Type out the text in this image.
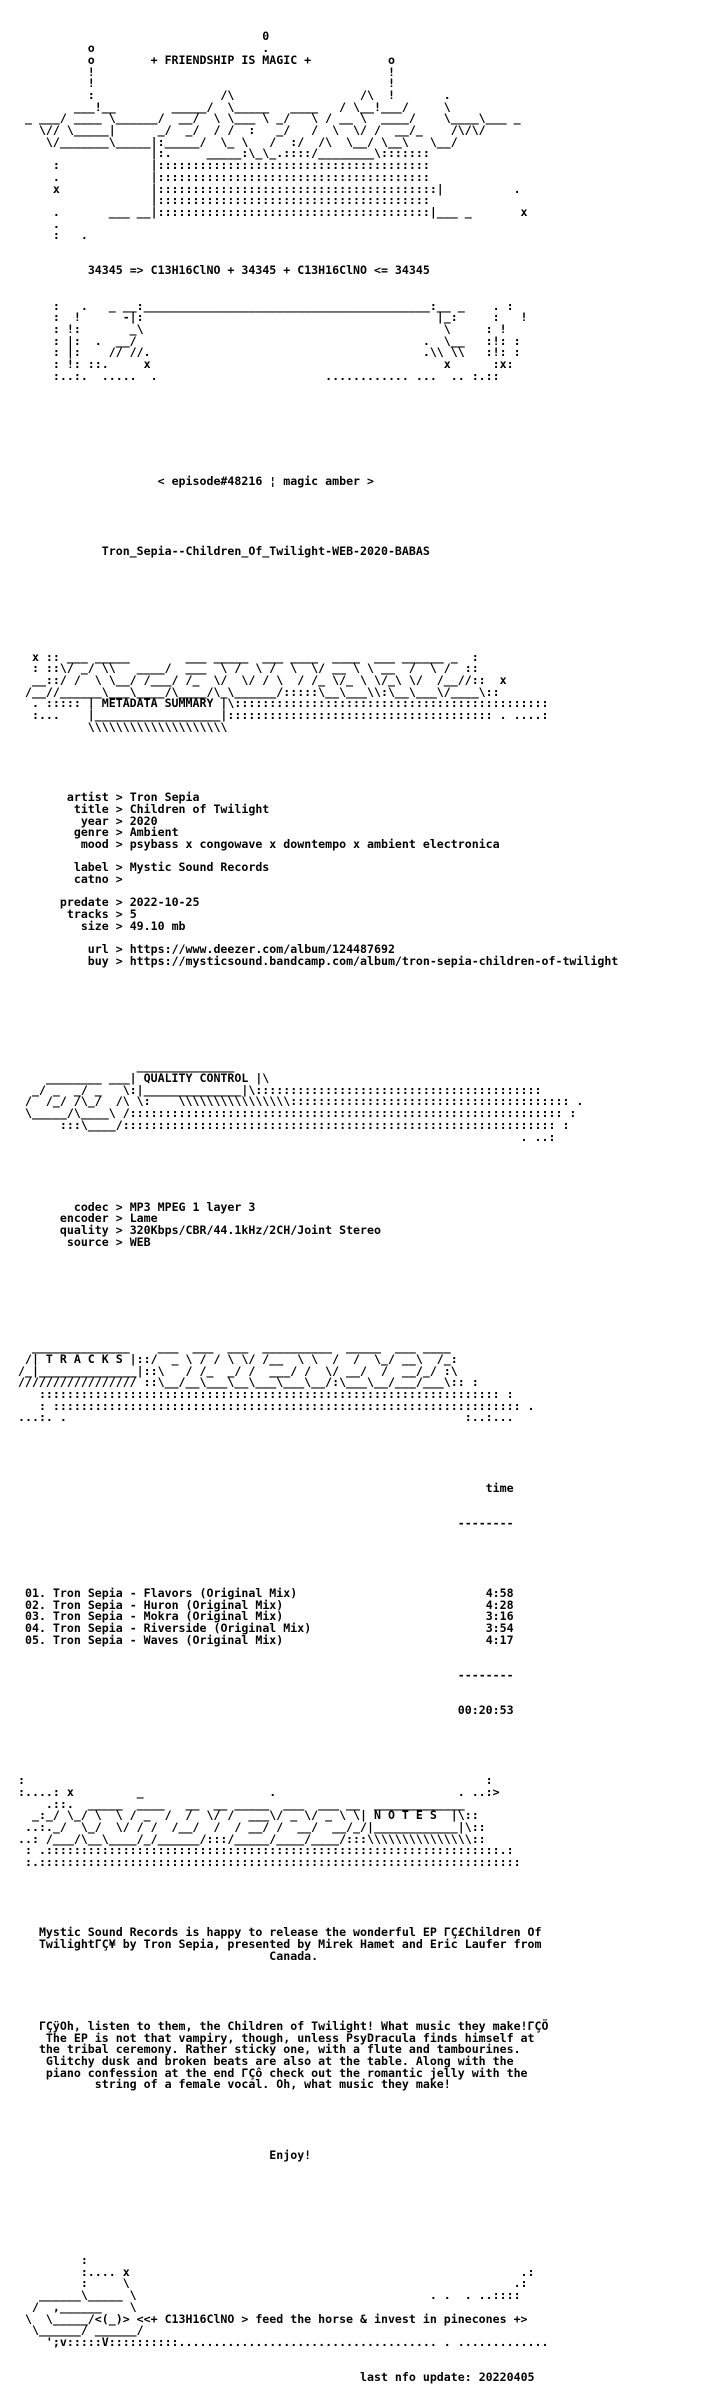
0
o                        .
o        + FRIENDSHIP IS MAGIC +           o
!                                          !
!                                          !
:                  /\                  /\  !       .
___!__        _____/  \_____   ____   / \__!___/     \
_ ___/ ____ \______/  __/  \ \___ \ _/   \ / __ \  ____/    \____\___ _
\// \_____|      _/  _/  / /  :   _/   /  \  \/ /  __/_    /\/\/
\/_______\_____|:_____/  \_ \   /  :/  /\  \__/ \__\   \__/
|:.     _____:\_\_.::::/________\:::::::
:             |:::::::::::::::::::::::::::::::::::::::
.             |:::::::::::::::::::::::::::::::::::::::
x             |::::::::::::::::::::::::::::::::::::::::|          .
|:::::::::::::::::::::::::::::::::::::::
.       ___ __|:::::::::::::::::::::::::::::::::::::::|___ _       x
.
:   .

34345 => C13H16ClNO + 34345 + C13H16ClNO <= 34345

:   .   _ __:_________________________________________:__ _    . :
:  !      -|:                                          |_:     :   !
: !:       _\                                           \     : !
: |:  .  __/                                         .  \__   :!: :
: |:    // //.                                       .\\ \\   :!: :
: !: ::.     x                                          x      :x:
:..:.  .....  .                        ............ ...  .. :.::

< episode#48216 ¦ magic amber >

Tron_Sepia--Children_Of_Twilight-WEB-2020-BABAS

x :: ___ _____        ___ _____  ___ ____  ____  ___ ______ _  :
: ::\/ _/ \\   ____/  ___  \ /  \ /  \  \/ __ \ \ __  /  \ /  ::
__::/ /  \ \__/ /___/ /_  \/  \/ / \  / /_ \/_ \ \/_\ \/  /__//::  x
/__//______\___\____/\____/\_\______/:::::\__\___\\:\__\___\/____\::
. ::::: | METADATA SUMMARY |\:::::::::::::::::::::::::::::::::::::::::::::
:...    |__________________|:::::::::::::::::::::::::::::::::::::: . ....:
\\\\\\\\\\\\\\\\\\\\

artist > Tron Sepia
title > Children of Twilight
year > 2020
genre > Ambient
mood > psybass x congowave x downtempo x ambient electronica

label > Mystic Sound Records
catno >

predate > 2022-10-25
tracks > 5
size > 49.10 mb

url > https://www.deezer.com/album/124487692
buy > https://mysticsound.bandcamp.com/album/tron-sepia-children-of-twilight

______________
________ ___| QUALITY CONTROL |\
_/ _  _/ _   \:|______________|\:::::::::::::::::::::::::::::::::::::::::
/  /_/ /\_/  /\ \:    \\\\\\\\\\\\\\\\:::::::::::::::::::::::::::::::::::::::: .
\_____/\____\ /:::::::::::::::::::::::::::::::::::::::::::::::::::::::::::::: :
:::\____/:::::::::::::::::::::::::::::::::::::::::::::::::::::::::::::: :
. ..:

codec > MP3 MPEG 1 layer 3
encoder > Lame
quality > 320Kbps/CBR/44.1kHz/2CH/Joint Stereo
source > WEB

______________    ___  ___  ___  __________  _____  ___ ____
/| T R A C K S |::/  _ \ / / \ \/ /__  \ \  /  /  \_/ __\  /_:
/_|______________|::\   / /_  _/ /  ___/ /  \/ __/  /  __/_/ :\
///////////////// ::\__/__\___\__\___\___\__/:\___\__/___/___\:: :
:::::::::::::::::::::::::::::::::::::::::::::::::::::::::::::::::: :
: ::::::::::::::::::::::::::::::::::::::::::::::::::::::::::::::::::: .
...:. .                                                         :..:...

time

--------

01. Tron Sepia - Flavors (Original Mix)	4:58
02. Tron Sepia - Huron (Original Mix)	4:28
03. Tron Sepia - Mokra (Original Mix)	3:16
04. Tron Sepia - Riverside (Original Mix)	3:54
05. Tron Sepia - Waves (Original Mix)	4:17

--------

00:20:53

:                                                                  :
:....: x         _                  .                          . ..:>
.::.  _____  ____   __  __ _____  ___  ___ __  _____________
_:_/ \_/ \  \ / _  /  /  \/ /  ___\/ _ \/ _ \ \| N O T E S  |\::
..:._/  \_/  \/ / /  /__/  /  / __/ /  __/  __/_/|____________|\::
..: /___/\__\____/_/______/:::/_____/____/____/:::\\\\\\\\\\\\\\\::
: .:::::::::::::::::::::::::::::::::::::::::::::::::::::::::::::::::.:
:.:::::::::::::::::::::::::::::::::::::::::::::::::::::::::::::::::::::

Mystic Sound Records is happy to release the wonderful EP ΓÇ£Children Of
TwilightΓÇ¥ by Tron Sepia, presented by Mirek Hamet and Eric Laufer from
Canada.

ΓÇÿOh, listen to them, the Children of Twilight! What music they make!ΓÇÖ
The EP is not that vampiry, though, unless PsyDracula finds himself at
the tribal ceremony. Rather sticky one, with a flute and tambourines.
Glitchy dusk and broken beats are also at the table. Along with the
piano confession at the end ΓÇô check out the romantic jelly with the
string of a female vocal. Oh, what music they make!

Enjoy!

:
:.... x                                                        .:
:     \                                                       .:
______\_____ \                                          . .  . ..::::
/  ,______    \
\  \_____/<(_)> <<+ C13H16ClNO > feed the horse & invest in pinecones +>
\______/ ______/
';v:::::V::::::::::..................................... . .............

last nfo update: 20220405
